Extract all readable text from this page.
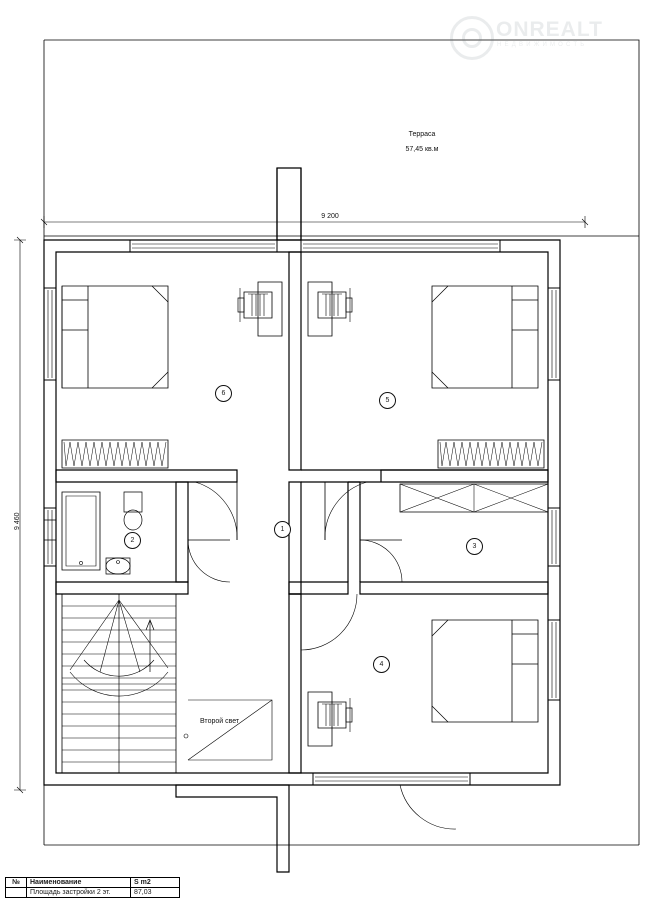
ONREALT
НЕДВИЖИМОСТЬ
Терраса
57,45 кв.м
9 200
9 460
Второй свет
1
2
3
4
5
6
№	Наименование	S m2
	Площадь застройки 2 эт.	87,03
